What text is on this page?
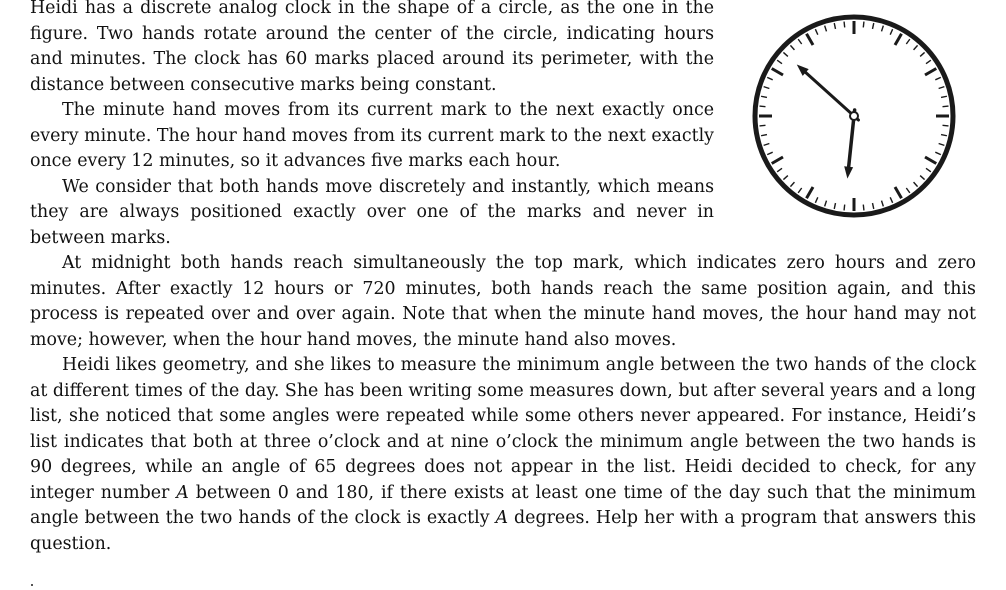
Heidi has a discrete analog clock in the shape of a circle, as the one in the figure. Two hands rotate around the center of the circle, indicating hours and minutes. The clock has 60 marks placed around its perimeter, with the distance between consecutive marks being constant.

The minute hand moves from its current mark to the next exactly once every minute. The hour hand moves from its current mark to the next exactly once every 12 minutes, so it advances five marks each hour.

We consider that both hands move discretely and instantly, which means they are always positioned exactly over one of the marks and never in between marks.

At midnight both hands reach simultaneously the top mark, which indicates zero hours and zero minutes. After exactly 12 hours or 720 minutes, both hands reach the same position again, and this process is repeated over and over again. Note that when the minute hand moves, the hour hand may not move; however, when the hour hand moves, the minute hand also moves.

Heidi likes geometry, and she likes to measure the minimum angle between the two hands of the clock at different times of the day. She has been writing some measures down, but after several years and a long list, she noticed that some angles were repeated while some others never appeared. For instance, Heidi’s list indicates that both at three o’clock and at nine o’clock the minimum angle between the two hands is 90 degrees, while an angle of 65 degrees does not appear in the list. Heidi decided to check, for any integer number A between 0 and 180, if there exists at least one time of the day such that the minimum angle between the two hands of the clock is exactly A degrees. Help her with a program that answers this question.
